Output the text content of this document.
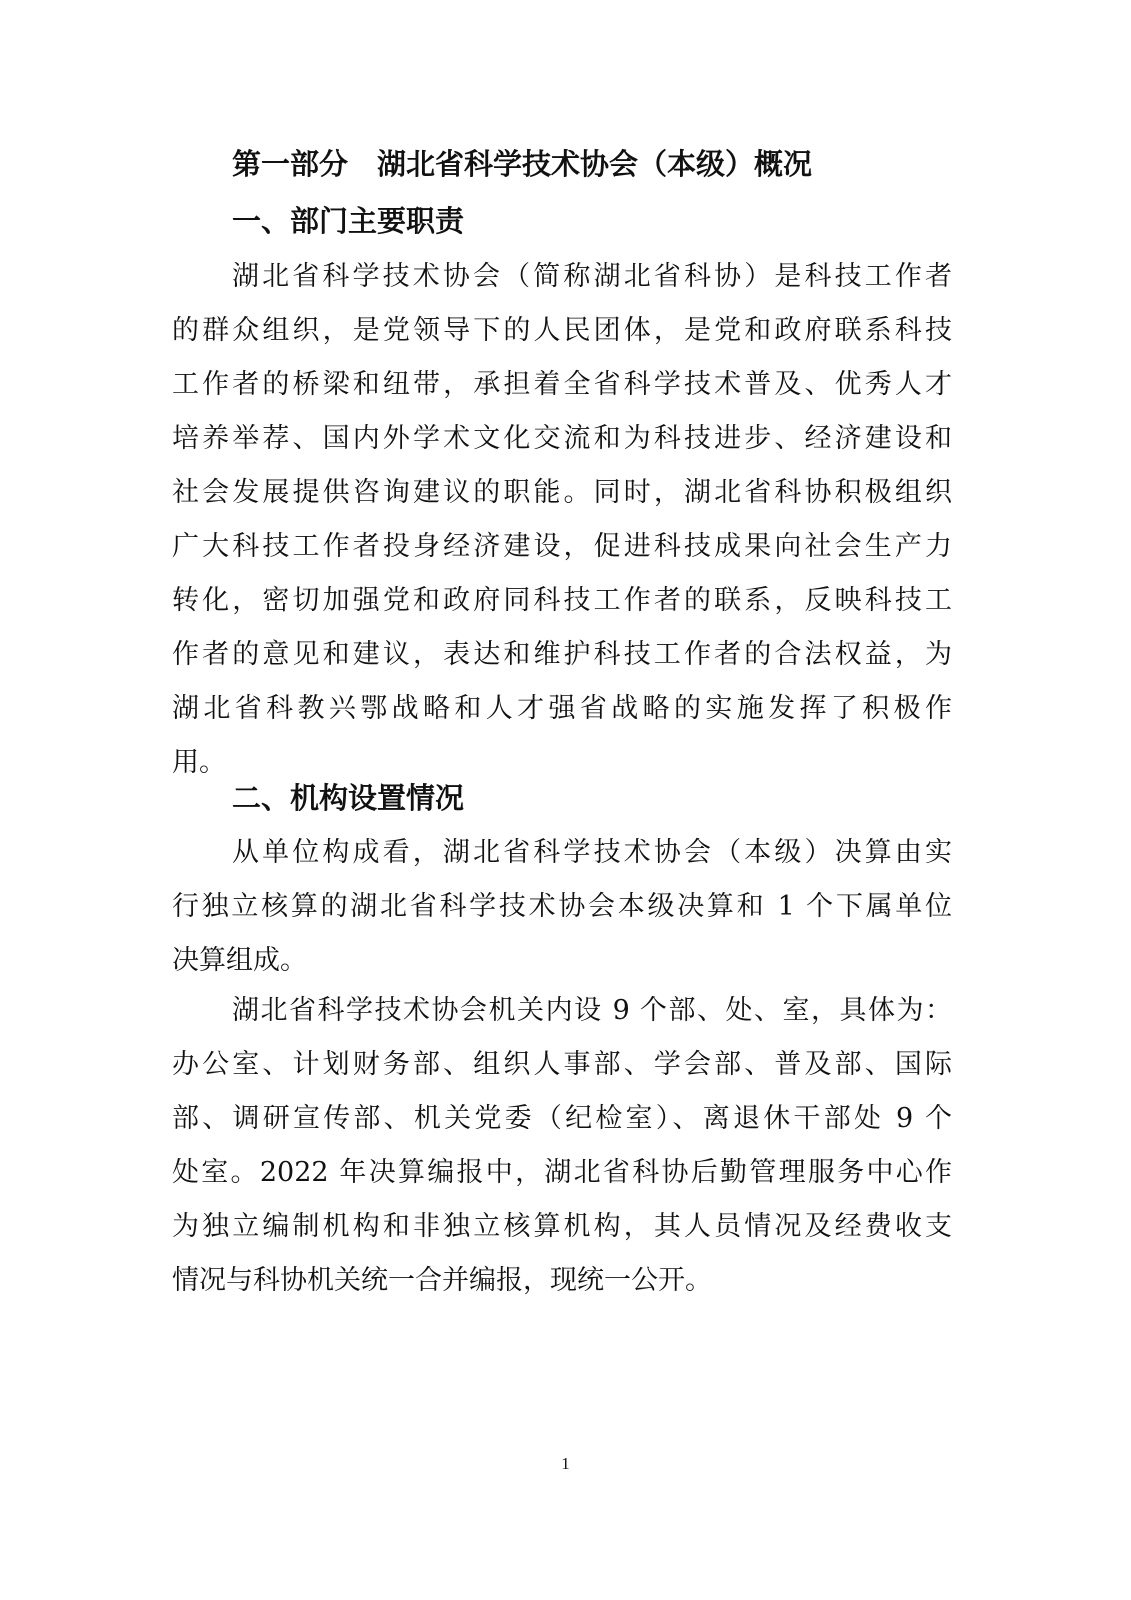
第一部分　湖北省科学技术协会（本级）概况
一、部门主要职责
湖北省科学技术协会（简称湖北省科协）是科技工作者
的群众组织，是党领导下的人民团体，是党和政府联系科技
工作者的桥梁和纽带，承担着全省科学技术普及、优秀人才
培养举荐、国内外学术文化交流和为科技进步、经济建设和
社会发展提供咨询建议的职能。同时，湖北省科协积极组织
广大科技工作者投身经济建设，促进科技成果向社会生产力
转化，密切加强党和政府同科技工作者的联系，反映科技工
作者的意见和建议，表达和维护科技工作者的合法权益，为
湖北省科教兴鄂战略和人才强省战略的实施发挥了积极作
用。
二、机构设置情况
从单位构成看，湖北省科学技术协会（本级）决算由实
行独立核算的湖北省科学技术协会本级决算和 1 个下属单位
决算组成。
湖北省科学技术协会机关内设 9 个部、处、室，具体为：
办公室、计划财务部、组织人事部、学会部、普及部、国际
部、调研宣传部、机关党委（纪检室）、离退休干部处 9 个
处室。2022 年决算编报中，湖北省科协后勤管理服务中心作
为独立编制机构和非独立核算机构，其人员情况及经费收支
情况与科协机关统一合并编报，现统一公开。
1
